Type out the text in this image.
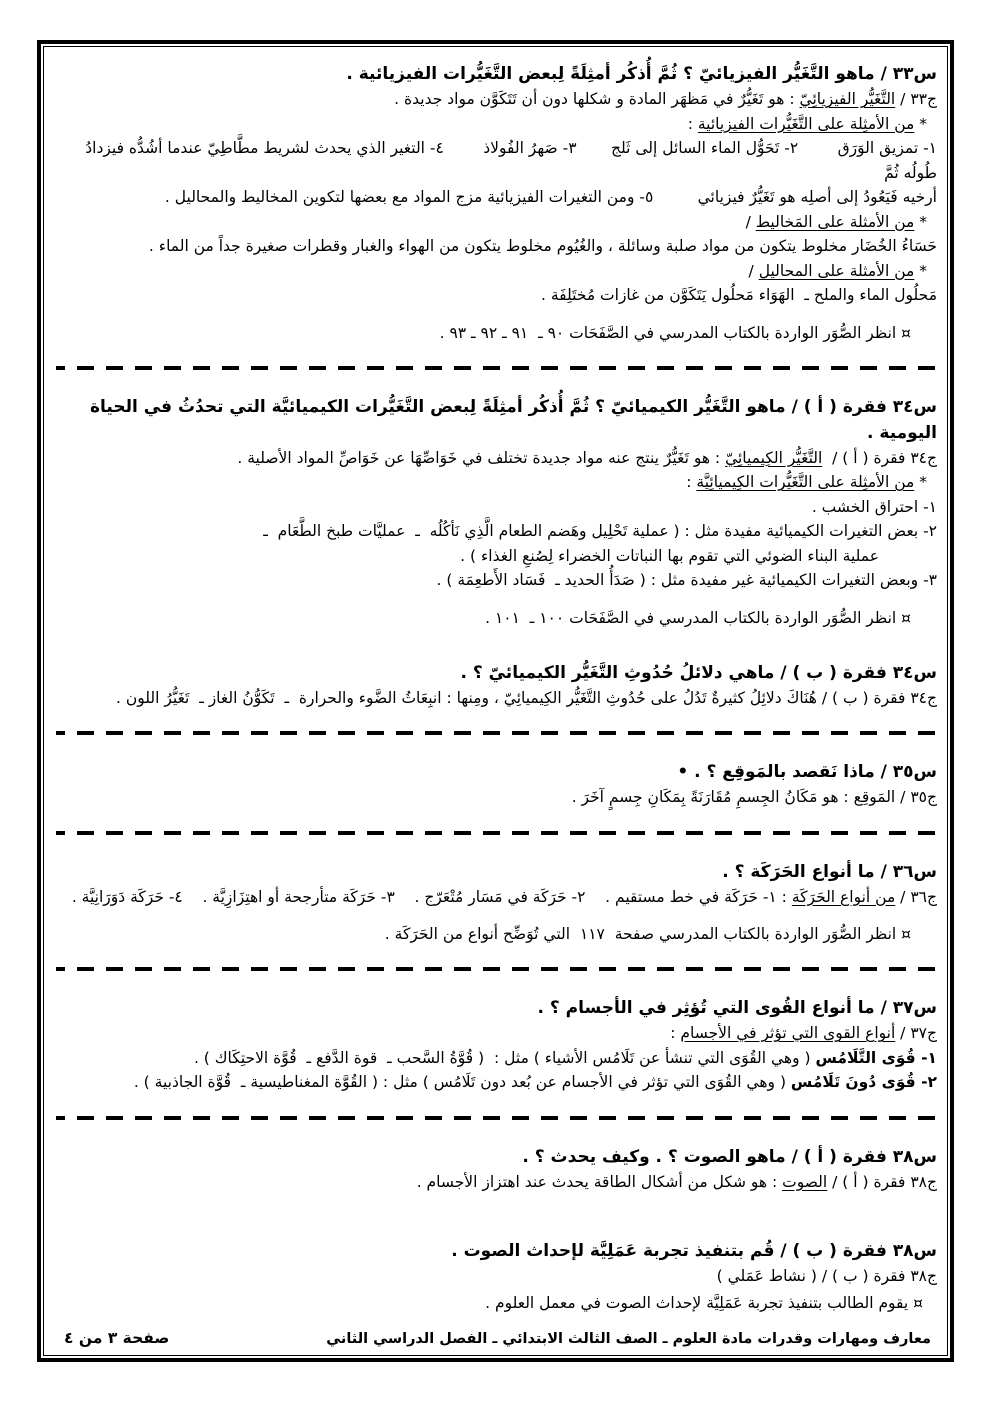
س٣٣ / ماهو التَّغَيُّر الفيزيائيّ ؟ ثُمَّ أُذكُر أمثِلَةً لِبعض التَّغَيُّرات الفيزيائية .
ج٣٣ / التَّغَيُّر الفيزيائِيّ : هو تَغَيُّرٌ في مَظهَر المادة و شكلها دون أن تَتَكَوَّن مواد جديدة .
* من الأمثِلة على التَّغَيُّرات الفيزيائية :
١- تمزيق الوَرَق        ٢- تَحَوُّل الماء السائل إلى ثَلج       ٣- صَهرُ الفُولاذ        ٤- التغير الذي يحدث لشريط مطَّاطِيّ عندما أشُدُّه فيزدادُ طُولُه ثُمَّ
أرخيه فَيَعُودُ إلى أصلِه هو تَغَيُّرٌ فيزيائي         ٥- ومن التغيرات الفيزيائية مزج المواد مع بعضها لتكوين المخاليط والمحاليل .
* من الأمثلة على المَخاليط /
حَسَاءُ الخُضَار مخلوط يتكون من مواد صلبة وسائلة ، والغُيُوم مخلوط يتكون من الهواء والغبار وقطرات صغيرة جداً من الماء .
* من الأمثلة على المحاليل /
مَحلُول الماء والملح ـ  الهَوَاء مَحلُول يَتَكَوَّن من غازات مُختَلِفَة .
¤ انظر الصُّوَر الواردة بالكتاب المدرسي في الصَّفَحَات ٩٠ ـ  ٩١ ـ ٩٢ ـ ٩٣ .
س٣٤ فقرة ( أ ) / ماهو التَّغَيُّر الكيميائيّ ؟ ثُمَّ أُذكُر أمثِلَةً لِبعض التَّغَيُّرات الكيميائيَّة التي تحدُثُ في الحياة اليومية .
ج٣٤ فقرة ( أ ) /  التَّغَيُّر الكِيميائِيّ : هو تَغَيُّرٌ ينتج عنه مواد جديدة تختلف في خَوَاصِّهَا عن خَوَاصِّ المواد الأصلية .
* من الأمثِلة على التَّغَيُّرات الكِيميائِيَّة :
١- احتراق الخشب .
٢- بعض التغيرات الكيميائية مفيدة مثل : ( عملية تَحْلِيل وهَضم الطعام الَّذِي نَأكُلُه  ـ  عمليَّات طبخ الطَّعَام  ـ
عملية البناء الضوئي التي تقوم بها النباتات الخضراء لِصُنعِ الغذاء ) .
٣- وبعض التغيرات الكيميائية غير مفيدة مثل : ( صَدَأُ الحديد ـ  فَسَاد الأَطعِمَة ) .
¤ انظر الصُّوَر الواردة بالكتاب المدرسي في الصَّفَحَات ١٠٠ ـ  ١٠١ .
س٣٤ فقرة ( ب ) / ماهي دلائلُ حُدُوثِ التَّغَيُّر الكيميائيّ ؟ .
ج٣٤ فقرة ( ب ) / هُنَاكَ دلائِلُ كثيرةٌ تَدُلُ على حُدُوثِ التَّغَيُّر الكِيميائِيّ ، ومِنها : انبِعَاثُ الضَّوء والحرارة  ـ  تَكَوُّنُ الغاز ـ  تَغَيُّرُ اللون .
س٣٥ / ماذا نَقصد بالمَوقِع ؟ . •
ج٣٥ / المَوقِع : هو مَكَانُ الجِسمِ مُقَارَنَةً بِمَكَانِ جِسمٍ آخَرَ .
س٣٦ / ما أنواع الحَرَكَة ؟ .
ج٣٦ / من أنواع الحَرَكَة : ١- حَرَكَة في خط مستقيم .    ٢- حَرَكَة في مَسَار مُتْعَرّج .    ٣- حَرَكَة متأرجحة أو اهتِزَازِيَّة .    ٤- حَرَكَة دَوَرَانِيَّة .
¤ انظر الصُّوَر الواردة بالكتاب المدرسي صفحة  ١١٧  التي تُوَضِّح أنواع من الحَرَكَة .
س٣٧ / ما أنواع القُوى التي تُؤثِر في الأجسام ؟ .
ج٣٧ / أنواع القوى التي تؤثر في الأجسام :
١- قُوَى التَّلَامُس ( وهي القُوَى التي تنشأ عن تَلَامُس الأشياء ) مثل :  ( قُوَّةُ السَّحب ـ  قوة الدَّفع ـ  قُوَّة الاحتِكَاك ) .
٢- قُوَى دُونَ تَلَامُس ( وهي القُوَى التي تؤثر في الأجسام عن بُعد دون تَلَامُس ) مثل : ( القُوَّة المغناطيسية ـ  قُوَّة الجاذبية ) .
س٣٨ فقرة ( أ ) / ماهو الصوت ؟ . وكيف يحدث ؟ .
ج٣٨ فقرة ( أ ) / الصوت : هو شكل من أشكال الطاقة يحدث عند اهتزاز الأجسام .
س٣٨ فقرة ( ب ) / قُم بتنفيذ تجربة عَمَلِيَّة لإحداث الصوت .
ج٣٨ فقرة ( ب ) / ( نشاط عَمَلي )
¤ يقوم الطالب بتنفيذ تجربة عَمَلِيَّة لإحداث الصوت في معمل العلوم .
معارف ومهارات وقدرات مادة العلوم ـ الصف الثالث الابتدائي ـ الفصل الدراسي الثاني
صفحة ٣ من ٤
